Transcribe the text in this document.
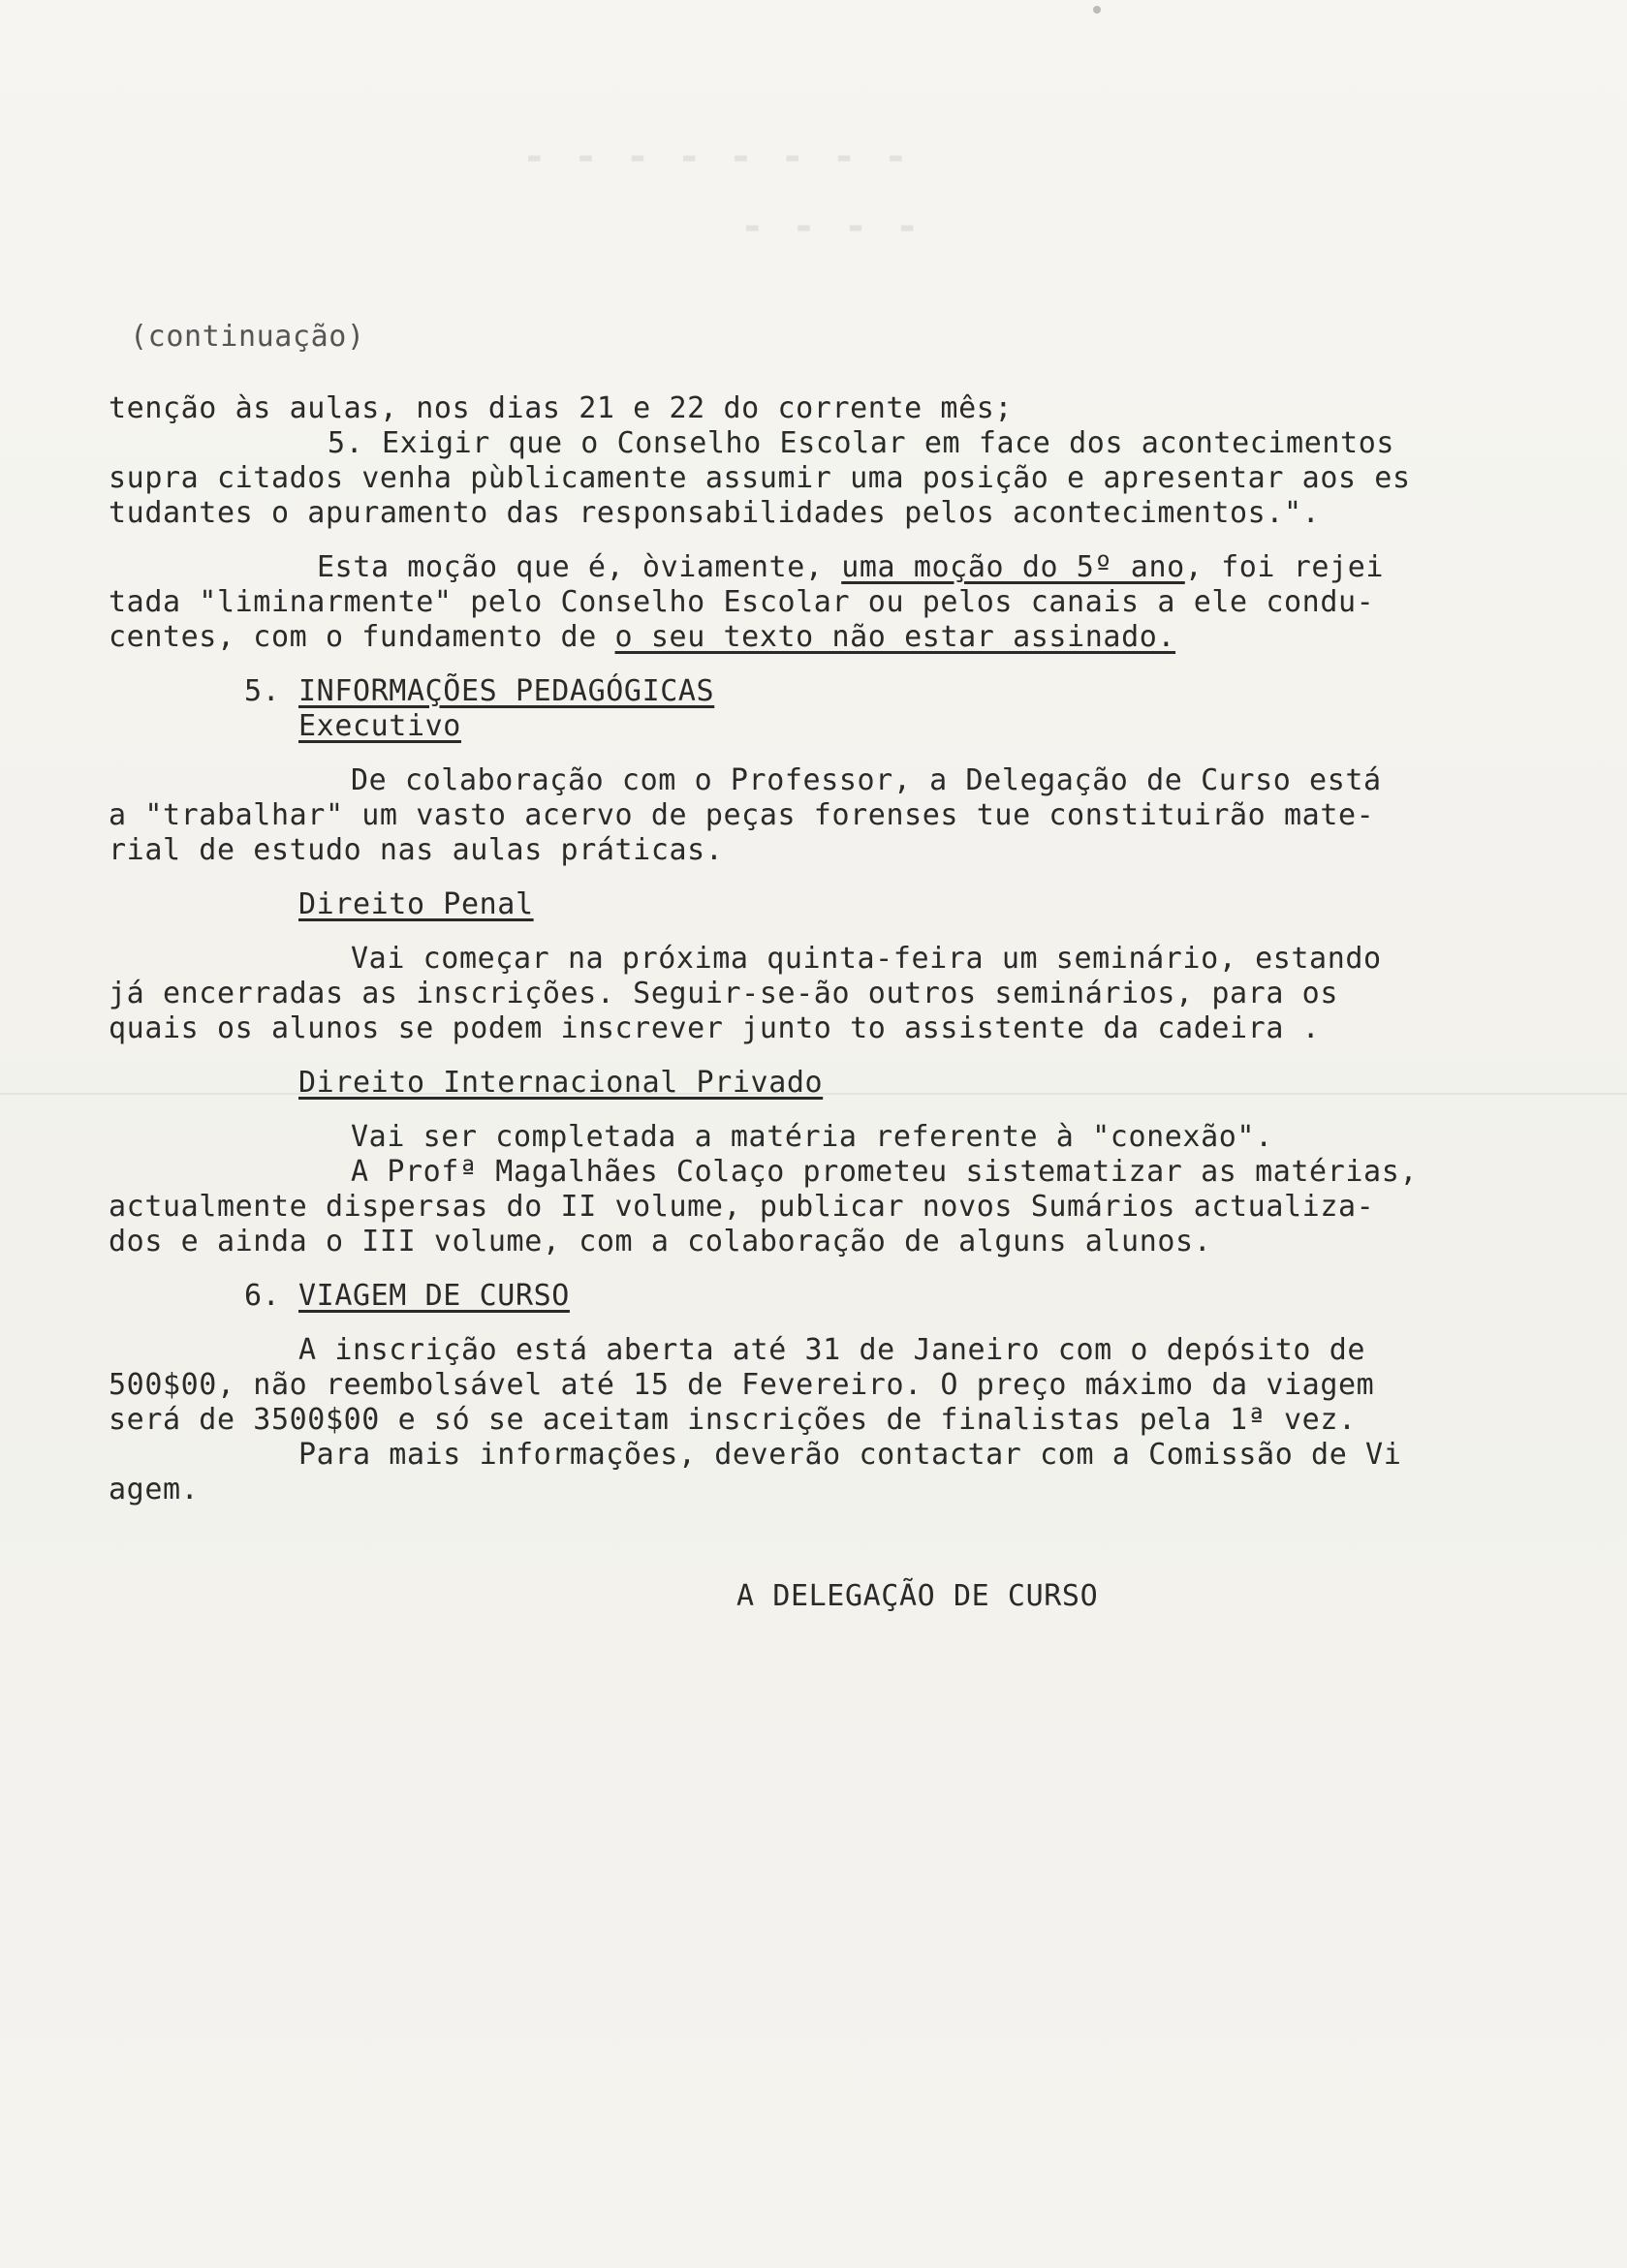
▬ ▬ ▬ ▬ ▬ ▬ ▬ ▬
▬ ▬ ▬ ▬
(continuação)
tenção às aulas, nos dias 21 e 22 do corrente mês;
5. Exigir que o Conselho Escolar em face dos acontecimentos
supra citados venha pùblicamente assumir uma posição e apresentar aos es
tudantes o apuramento das responsabilidades pelos acontecimentos.".
Esta moção que é, òviamente, uma moção do 5º ano, foi rejei
tada "liminarmente" pelo Conselho Escolar ou pelos canais a ele condu-
centes, com o fundamento de o seu texto não estar assinado.
5. INFORMAÇÕES PEDAGÓGICAS
Executivo
De colaboração com o Professor, a Delegação de Curso está
a "trabalhar" um vasto acervo de peças forenses tue constituirão mate-
rial de estudo nas aulas práticas.
Direito Penal
Vai começar na próxima quinta-feira um seminário, estando
já encerradas as inscrições. Seguir-se-ão outros seminários, para os
quais os alunos se podem inscrever junto to assistente da cadeira .
Direito Internacional Privado
Vai ser completada a matéria referente à "conexão".
A Profª Magalhães Colaço prometeu sistematizar as matérias,
actualmente dispersas do II volume, publicar novos Sumários actualiza-
dos e ainda o III volume, com a colaboração de alguns alunos.
6. VIAGEM DE CURSO
A inscrição está aberta até 31 de Janeiro com o depósito de
500$00, não reembolsável até 15 de Fevereiro. O preço máximo da viagem
será de 3500$00 e só se aceitam inscrições de finalistas pela 1ª vez.
Para mais informações, deverão contactar com a Comissão de Vi
agem.
A DELEGAÇÃO DE CURSO
